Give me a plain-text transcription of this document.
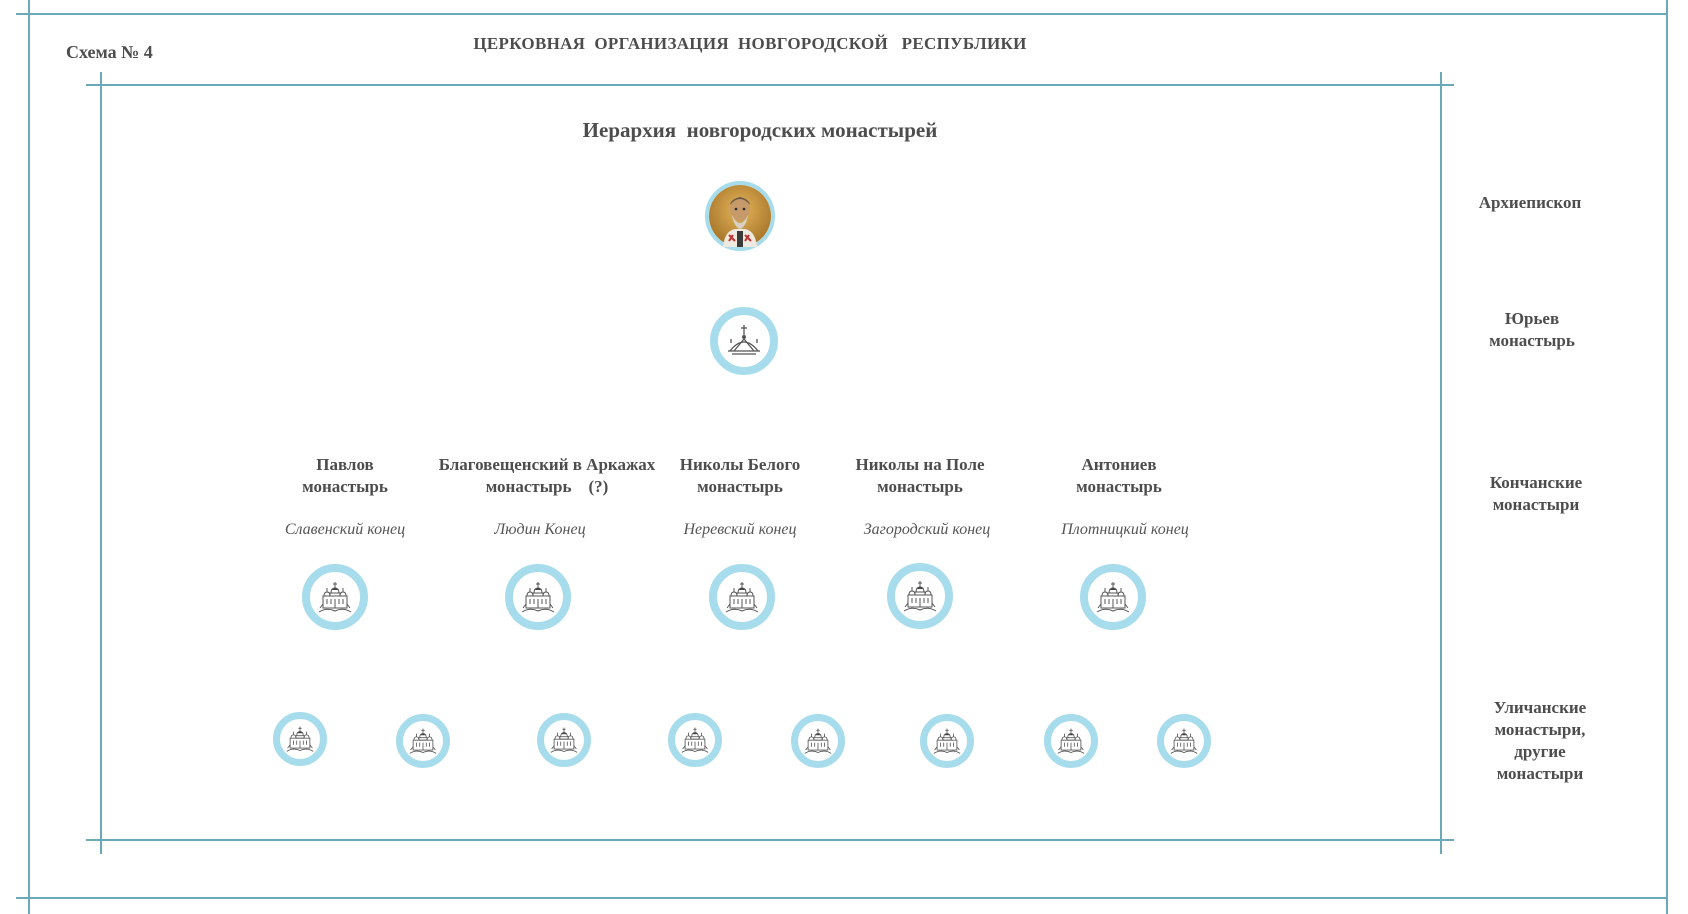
Схема № 4	ЦЕРКОВНАЯ  ОРГАНИЗАЦИЯ  НОВГОРОДСКОЙ   РЕСПУБЛИКИ
Иерархия  новгородских монастырей
Павлов
монастырь
Благовещенский в Аркажах
монастырь    (?)
Николы Белого
монастырь
Николы на Поле
монастырь
Антониев
монастырь
Славенский конец	Людин Конец	Неревский конец	Загородский конец	Плотницкий конец
Архиепископ
Юрьев
монастырь
Кончанские
монастыри
Уличанские
монастыри,
другие
монастыри
